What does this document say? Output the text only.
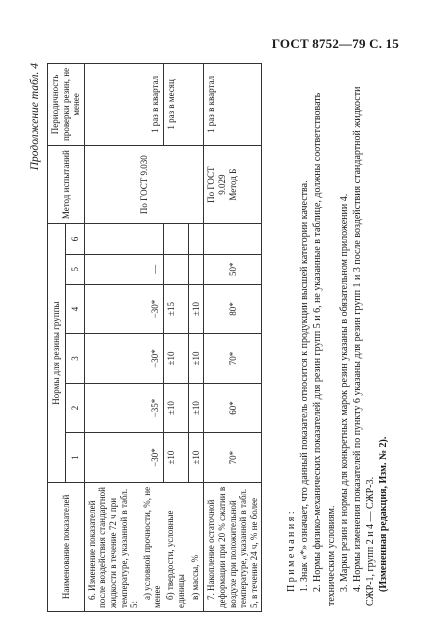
ГОСТ 8752—79 С. 15
Продолжение табл. 4
Наименование показателей	Нормы для резины группы						Метод испытаний	Периодичность проверки резин, не менее
	1	2	3	4	5	6		

6. Изменение показателей после воздействия стандартной жидкости в течение 72 ч при температуре, указанной в табл. 5:
а) условной прочности, %, не менее	−30*	−35*	−30*	−30*	—		По ГОСТ 9.030	1 раз в квартал
б) твердости, условные единицы	±10	±10	±10	±15				1 раз в месяц
в) массы, %	±10	±10	±10	±10				
7. Накопление остаточной деформации при 20 % сжатии в воздухе при положительной температуре, указанной в табл. 5, в течение 24 ч, % не более	70*	60*	70*	80*	50*		По ГОСТ 9.029 Метод Б	1 раз в квартал

Примечания: 1. Знак «*» означает, что данный показатель относится к продукции высшей категории качества. 2. Нормы физико-механических показателей для резин групп 5 и 6, не указанные в таблице, должны соответствовать техническим условиям. 3. Марки резин и нормы для конкретных марок резин указаны в обязательном приложении 4. 4. Нормы изменения показателей по пункту 6 указаны для резин групп 1 и 3 после воздействия стандартной жидкости СЖР-1, групп 2 и 4 — СЖР-3. (Измененная редакция, Изм. № 2).
